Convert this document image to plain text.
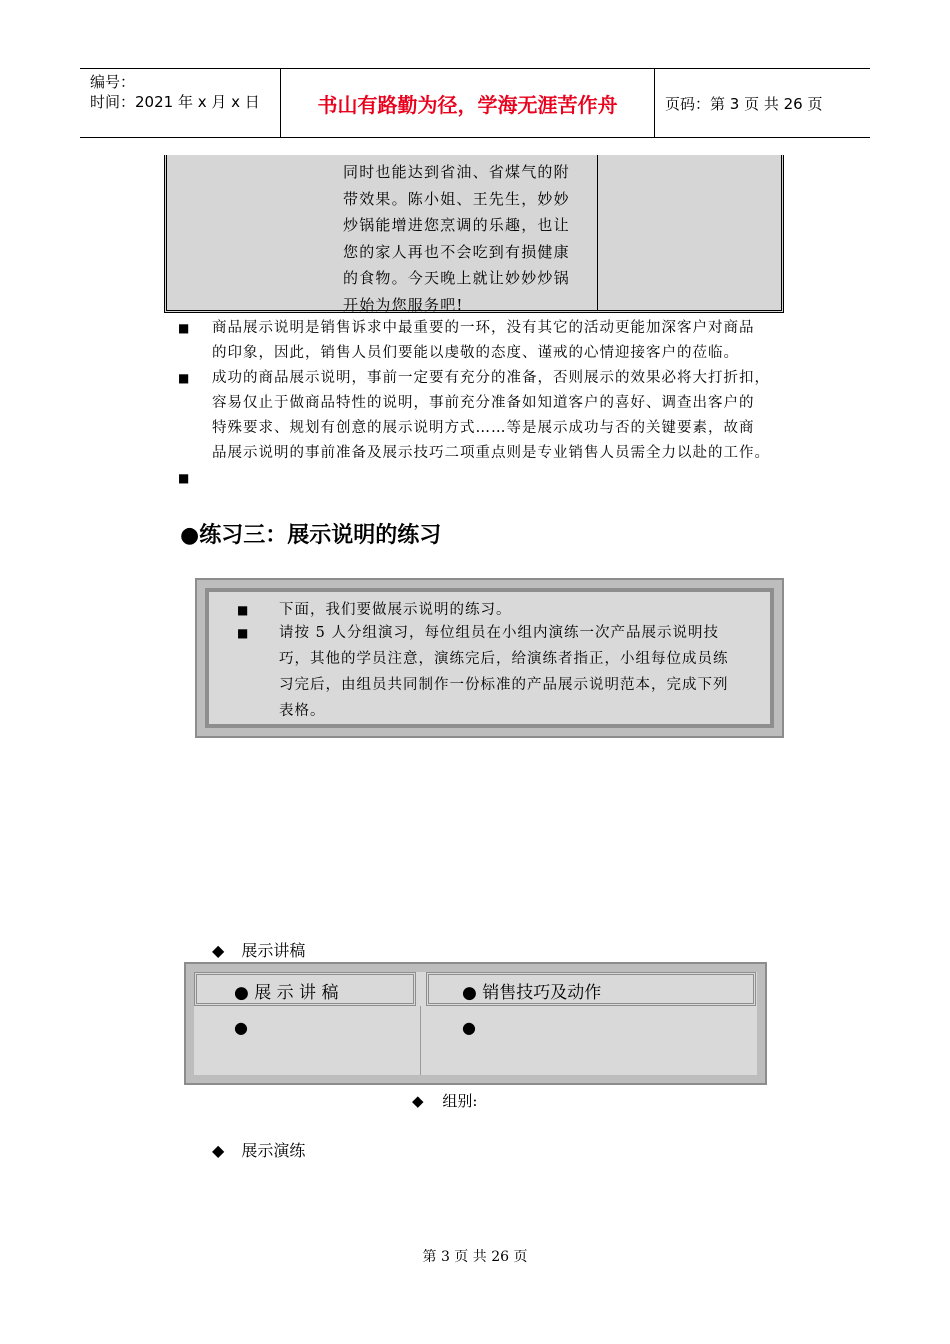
编号：
时间：2021 年 x 月 x 日	书山有路勤为径，学海无涯苦作舟	页码：第 3 页 共 26 页
同时也能达到省油、省煤气的附
带效果。陈小姐、王先生，妙妙
炒锅能增进您烹调的乐趣，也让
您的家人再也不会吃到有损健康
的食物。今天晚上就让妙妙炒锅
开始为您服务吧!
■ 商品展示说明是销售诉求中最重要的一环，没有其它的活动更能加深客户对商品
的印象，因此，销售人员们要能以虔敬的态度、谨戒的心情迎接客户的莅临。
■ 成功的商品展示说明，事前一定要有充分的准备，否则展示的效果必将大打折扣，
容易仅止于做商品特性的说明，事前充分准备如知道客户的喜好、调查出客户的
特殊要求、规划有创意的展示说明方式……等是展示成功与否的关键要素，故商
品展示说明的事前准备及展示技巧二项重点则是专业销售人员需全力以赴的工作。
■
●练习三：展示说明的练习
■ 下面，我们要做展示说明的练习。
■ 请按 5 人分组演习，每位组员在小组内演练一次产品展示说明技
巧，其他的学员注意，演练完后，给演练者指正，小组每位成员练
习完后，由组员共同制作一份标准的产品展示说明范本，完成下列
表格。
◆ 展示讲稿
● 展 示 讲 稿	● 销售技巧及动作
●	●
◆ 组别:
◆ 展示演练
第 3 页 共 26 页
